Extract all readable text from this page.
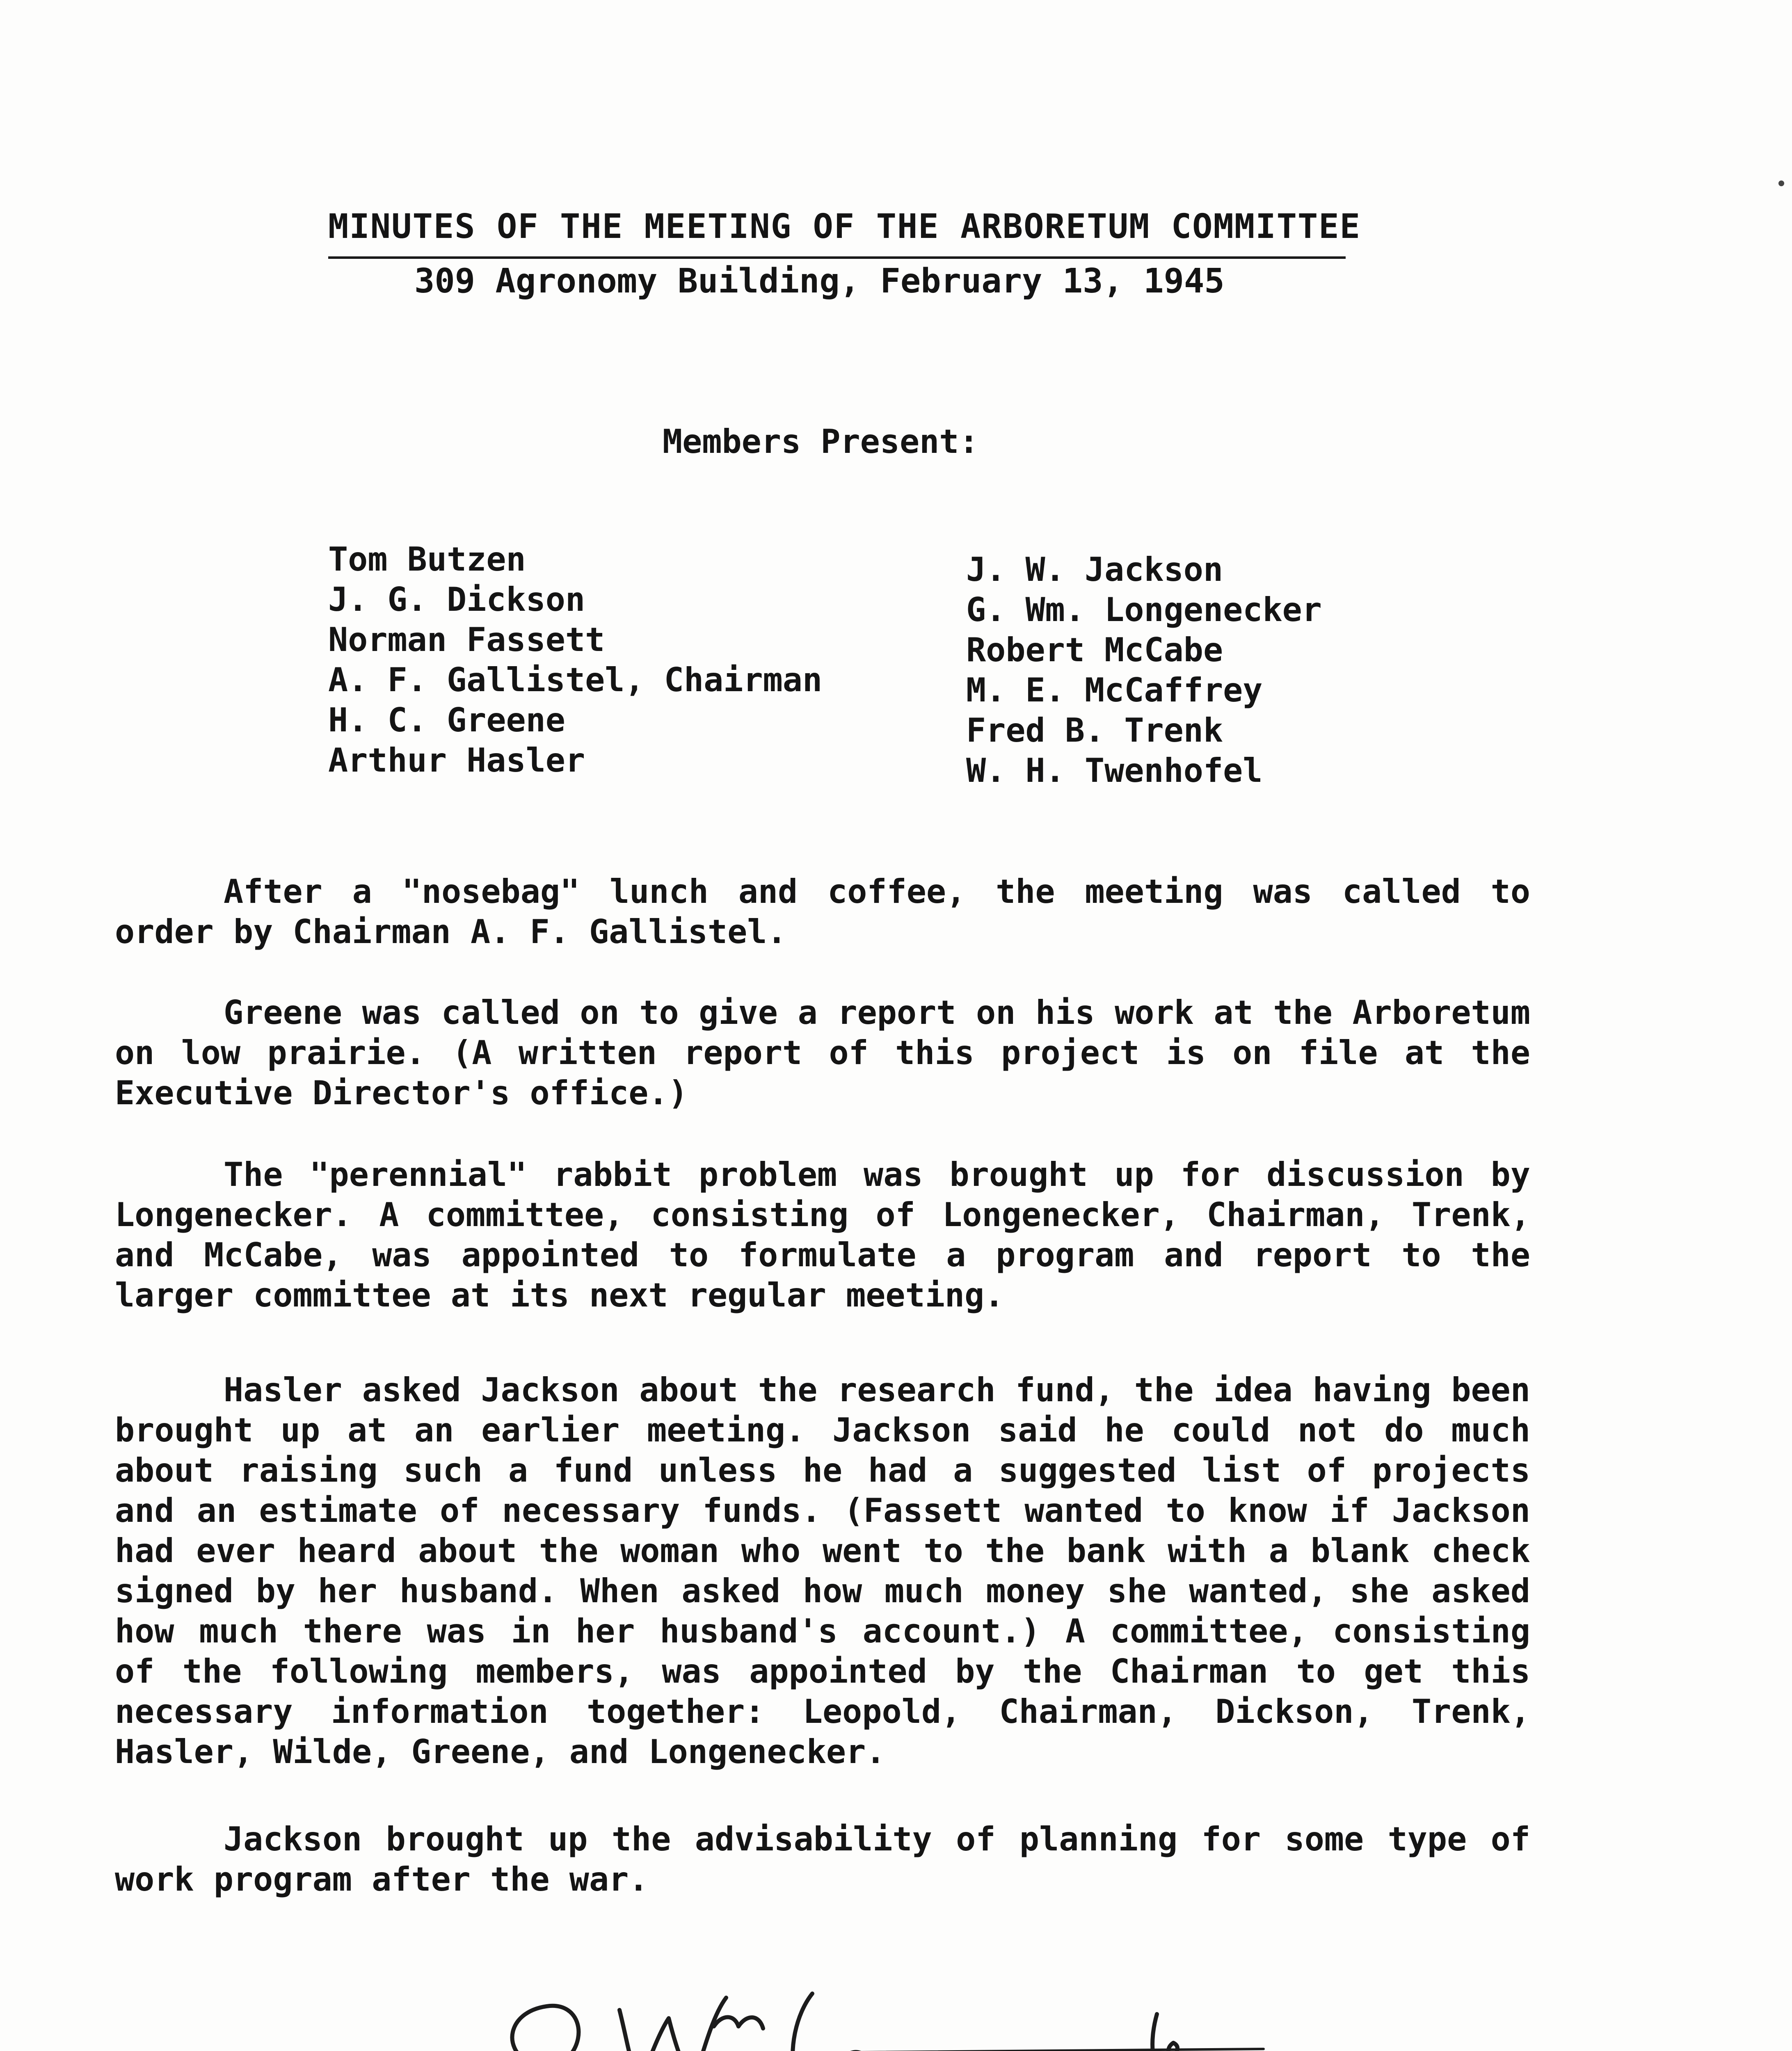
MINUTES OF THE MEETING OF THE ARBORETUM COMMITTEE
309 Agronomy Building, February 13, 1945
Members Present:
Tom Butzen
J. G. Dickson
Norman Fassett
A. F. Gallistel, Chairman
H. C. Greene
Arthur Hasler
J. W. Jackson
G. Wm. Longenecker
Robert McCabe
M. E. McCaffrey
Fred B. Trenk
W. H. Twenhofel
After a "nosebag" lunch and coffee, the meeting was called to order by Chairman A. F. Gallistel.
Greene was called on to give a report on his work at the Arboretum on low prairie. (A written report of this project is on file at the Executive Director's office.)
The "perennial" rabbit problem was brought up for discussion by Longenecker. A committee, consisting of Longenecker, Chairman, Trenk, and McCabe, was appointed to formulate a program and report to the larger committee at its next regular meeting.
Hasler asked Jackson about the research fund, the idea having been brought up at an earlier meeting. Jackson said he could not do much about raising such a fund unless he had a suggested list of projects and an estimate of necessary funds. (Fassett wanted to know if Jackson had ever heard about the woman who went to the bank with a blank check signed by her husband. When asked how much money she wanted, she asked how much there was in her husband's account.) A committee, consisting of the following members, was appointed by the Chairman to get this necessary information together: Leopold, Chairman, Dickson, Trenk, Hasler, Wilde, Greene, and Longenecker.
Jackson brought up the advisability of planning for some type of work program after the war.
